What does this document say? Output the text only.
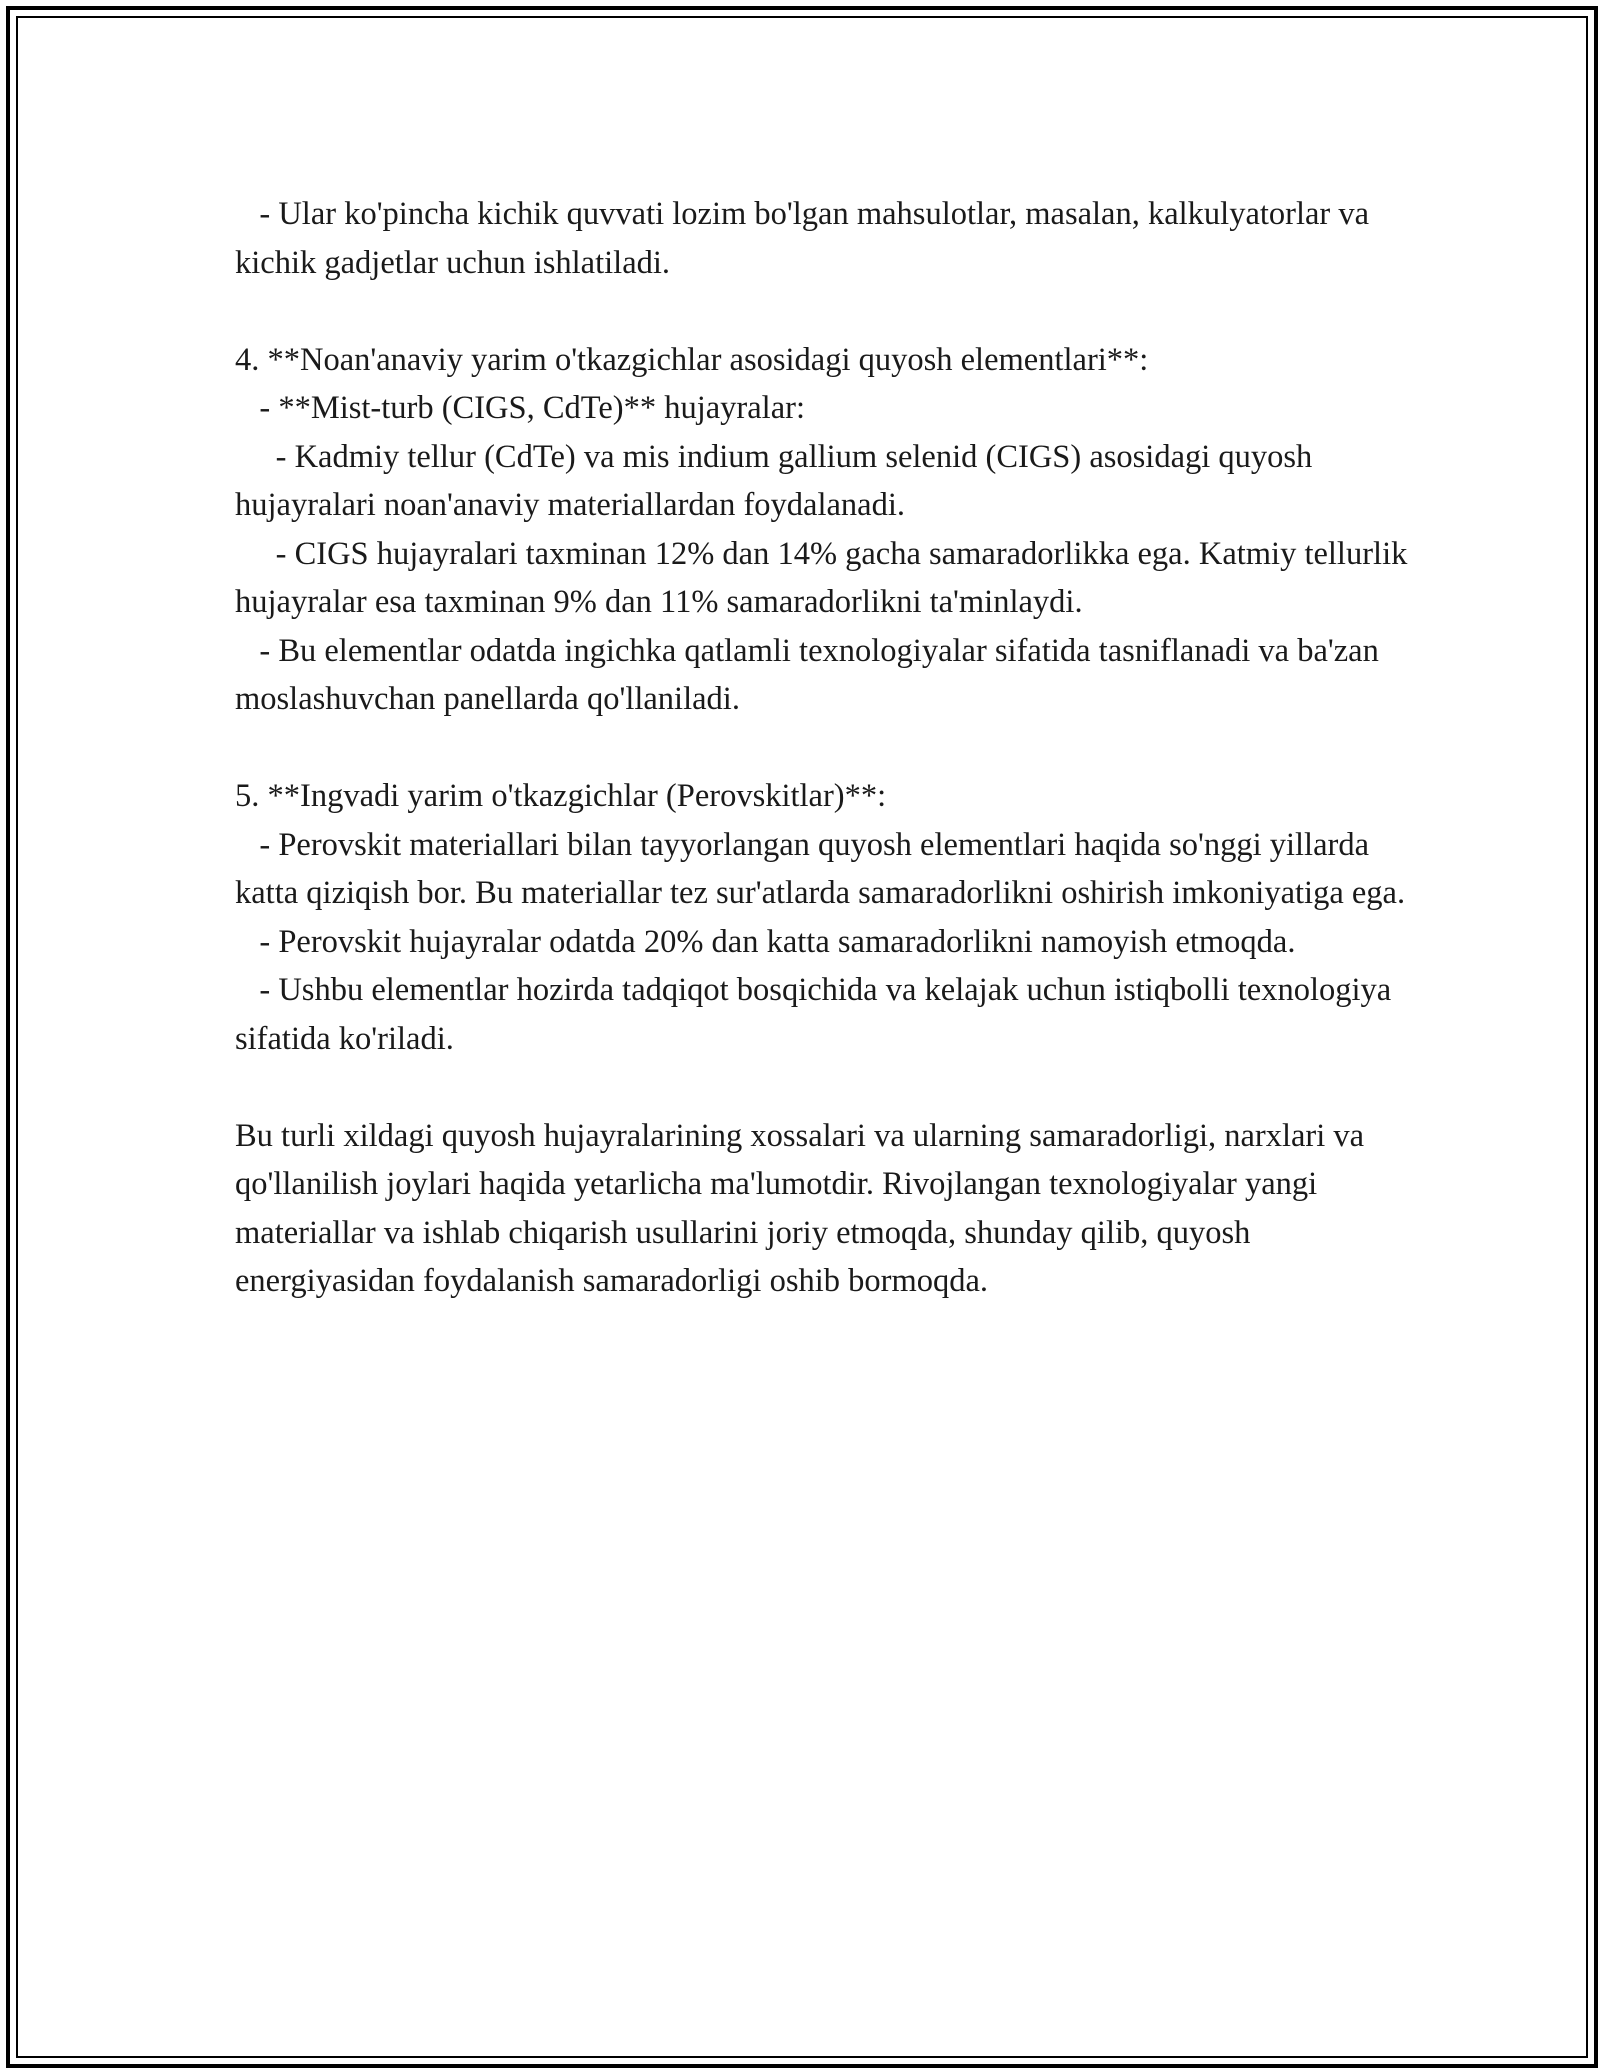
- Ular ko'pincha kichik quvvati lozim bo'lgan mahsulotlar, masalan, kalkulyatorlar va kichik gadjetlar uchun ishlatiladi.

4. **Noan'anaviy yarim o'tkazgichlar asosidagi quyosh elementlari**:

- **Mist-turb (CIGS, CdTe)** hujayralar:

- Kadmiy tellur (CdTe) va mis indium gallium selenid (CIGS) asosidagi quyosh hujayralari noan'anaviy materiallardan foydalanadi.

- CIGS hujayralari taxminan 12% dan 14% gacha samaradorlikka ega. Katmiy tellurlik hujayralar esa taxminan 9% dan 11% samaradorlikni ta'minlaydi.

- Bu elementlar odatda ingichka qatlamli texnologiyalar sifatida tasniflanadi va ba'zan moslashuvchan panellarda qo'llaniladi.

5. **Ingvadi yarim o'tkazgichlar (Perovskitlar)**:

- Perovskit materiallari bilan tayyorlangan quyosh elementlari haqida so'nggi yillarda katta qiziqish bor. Bu materiallar tez sur'atlarda samaradorlikni oshirish imkoniyatiga ega.

- Perovskit hujayralar odatda 20% dan katta samaradorlikni namoyish etmoqda.

- Ushbu elementlar hozirda tadqiqot bosqichida va kelajak uchun istiqbolli texnologiya sifatida ko'riladi.

Bu turli xildagi quyosh hujayralarining xossalari va ularning samaradorligi, narxlari va qo'llanilish joylari haqida yetarlicha ma'lumotdir. Rivojlangan texnologiyalar yangi materiallar va ishlab chiqarish usullarini joriy etmoqda, shunday qilib, quyosh energiyasidan foydalanish samaradorligi oshib bormoqda.
